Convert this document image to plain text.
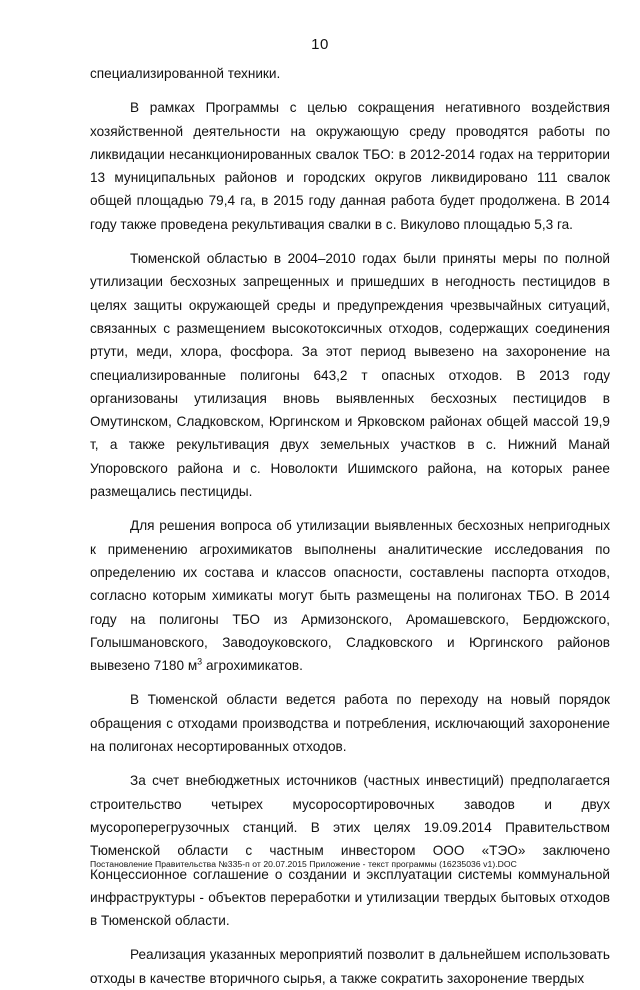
10

специализированной техники.

В рамках Программы с целью сокращения негативного воздействия хозяйственной деятельности на окружающую среду проводятся работы по ликвидации несанкционированных свалок ТБО: в 2012-2014 годах на территории 13 муниципальных районов и городских округов ликвидировано 111 свалок общей площадью 79,4 га, в 2015 году данная работа будет продолжена. В 2014 году также проведена рекультивация свалки в с. Викулово площадью 5,3 га.

Тюменской областью в 2004–2010 годах были приняты меры по полной утилизации бесхозных запрещенных и пришедших в негодность пестицидов в целях защиты окружающей среды и предупреждения чрезвычайных ситуаций, связанных с размещением высокотоксичных отходов, содержащих соединения ртути, меди, хлора, фосфора. За этот период вывезено на захоронение на специализированные полигоны 643,2 т опасных отходов. В 2013 году организованы утилизация вновь выявленных бесхозных пестицидов в Омутинском, Сладковском, Юргинском и Ярковском районах общей массой 19,9 т, а также рекультивация двух земельных участков в с. Нижний Манай Упоровского района и с. Новолокти Ишимского района, на которых ранее размещались пестициды.

Для решения вопроса об утилизации выявленных бесхозных непригодных к применению агрохимикатов выполнены аналитические исследования по определению их состава и классов опасности, составлены паспорта отходов, согласно которым химикаты могут быть размещены на полигонах ТБО. В 2014 году на полигоны ТБО из Армизонского, Аромашевского, Бердюжского, Голышмановского, Заводоуковского, Сладковского и Юргинского районов вывезено 7180 $м^3$ агрохимикатов.

В Тюменской области ведется работа по переходу на новый порядок обращения с отходами производства и потребления, исключающий захоронение на полигонах несортированных отходов.

За счет внебюджетных источников (частных инвестиций) предполагается строительство четырех мусоросортировочных заводов и двух мусороперегрузочных станций. В этих целях 19.09.2014 Правительством Тюменской области с частным инвестором ООО «ТЭО» заключено Концессионное соглашение о создании и эксплуатации системы коммунальной инфраструктуры - объектов переработки и утилизации твердых бытовых отходов в Тюменской области.

Реализация указанных мероприятий позволит в дальнейшем использовать отходы в качестве вторичного сырья, а также сократить захоронение твердых

Постановление Правительства №335-п от 20.07.2015 Приложение - текст программы (16235036 v1).DOC
